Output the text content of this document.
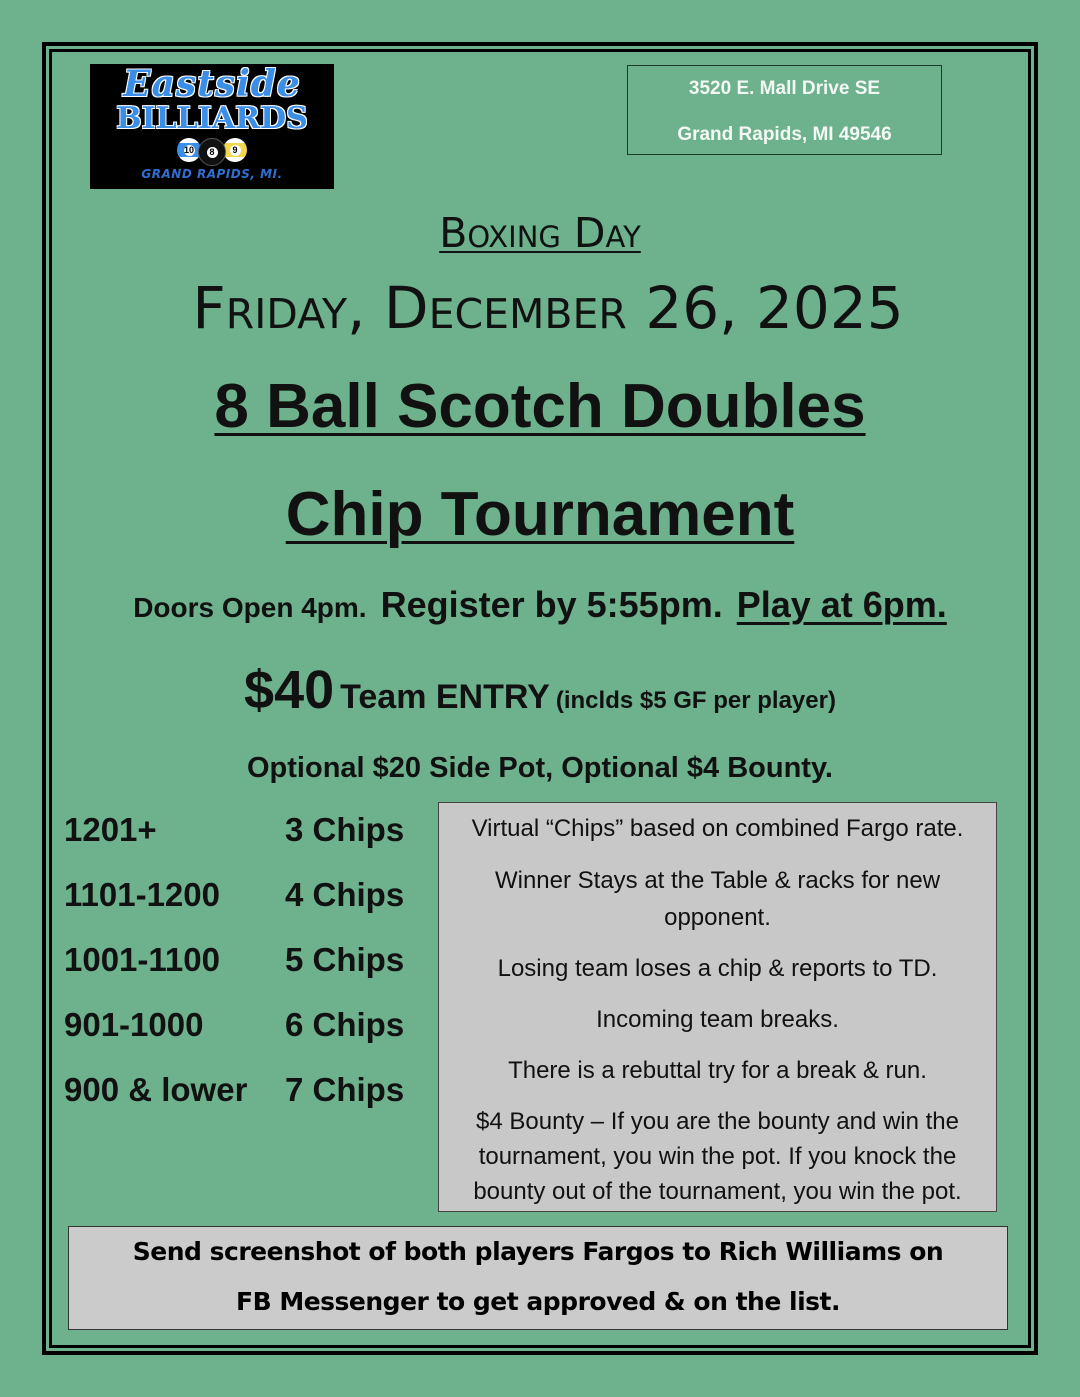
Eastside
BILLIARDS
10	8	9
GRAND RAPIDS, MI.
3520 E. Mall Drive SE
Grand Rapids, MI 49546
Boxing Day
Friday, December 26, 2025
8 Ball Scotch Doubles
Chip Tournament
Doors Open 4pm. Register by 5:55pm. Play at 6pm.
$40 Team ENTRY (inclds $5 GF per player)
Optional $20 Side Pot, Optional $4 Bounty.
1201+	3 Chips
1101-1200	4 Chips
1001-1100	5 Chips
901-1000	6 Chips
900 & lower	7 Chips

Virtual “Chips” based on combined Fargo rate.

Winner Stays at the Table & racks for new opponent.

Losing team loses a chip & reports to TD.

Incoming team breaks.

There is a rebuttal try for a break & run.

$4 Bounty – If you are the bounty and win the tournament, you win the pot. If you knock the bounty out of the tournament, you win the pot.

Send screenshot of both players Fargos to Rich Williams on
FB Messenger to get approved & on the list.
